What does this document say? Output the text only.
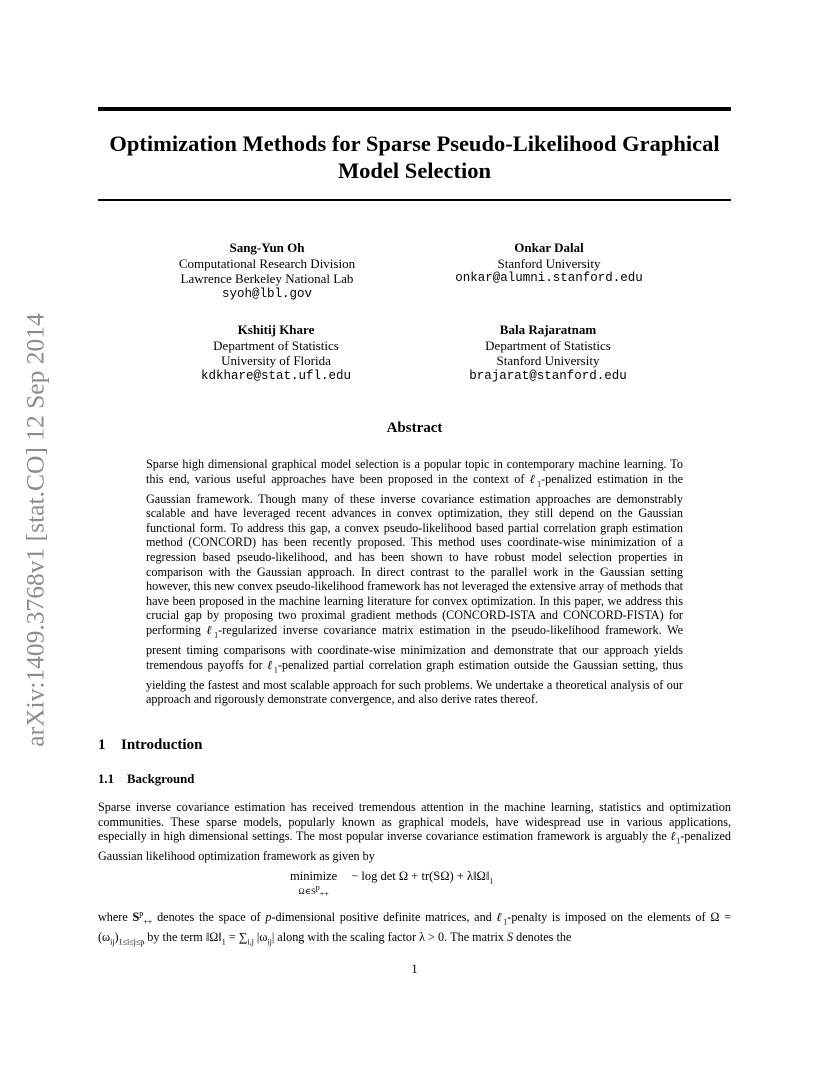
arXiv:1409.3768v1 [stat.CO] 12 Sep 2014
Optimization Methods for Sparse Pseudo-Likelihood Graphical Model Selection
Sang-Yun Oh
Computational Research Division
Lawrence Berkeley National Lab
syoh@lbl.gov
Onkar Dalal
Stanford University
onkar@alumni.stanford.edu
Kshitij Khare
Department of Statistics
University of Florida
kdkhare@stat.ufl.edu
Bala Rajaratnam
Department of Statistics
Stanford University
brajarat@stanford.edu
Abstract
Sparse high dimensional graphical model selection is a popular topic in contemporary machine learning. To this end, various useful approaches have been proposed in the context of ℓ$_1$-penalized estimation in the Gaussian framework. Though many of these inverse covariance estimation approaches are demonstrably scalable and have leveraged recent advances in convex optimization, they still depend on the Gaussian functional form. To address this gap, a convex pseudo-likelihood based partial correlation graph estimation method (CONCORD) has been recently proposed. This method uses coordinate-wise minimization of a regression based pseudo-likelihood, and has been shown to have robust model selection properties in comparison with the Gaussian approach. In direct contrast to the parallel work in the Gaussian setting however, this new convex pseudo-likelihood framework has not leveraged the extensive array of methods that have been proposed in the machine learning literature for convex optimization. In this paper, we address this crucial gap by proposing two proximal gradient methods (CONCORD-ISTA and CONCORD-FISTA) for performing ℓ$_1$-regularized inverse covariance matrix estimation in the pseudo-likelihood framework. We present timing comparisons with coordinate-wise minimization and demonstrate that our approach yields tremendous payoffs for ℓ$_1$-penalized partial correlation graph estimation outside the Gaussian setting, thus yielding the fastest and most scalable approach for such problems. We undertake a theoretical analysis of our approach and rigorously demonstrate convergence, and also derive rates thereof.
1 Introduction
1.1 Background
Sparse inverse covariance estimation has received tremendous attention in the machine learning, statistics and optimization communities. These sparse models, popularly known as graphical models, have widespread use in various applications, especially in high dimensional settings. The most popular inverse covariance estimation framework is arguably the ℓ$_1$-penalized Gaussian likelihood optimization framework as given by
minimize
$\Omega\in S^p_{++}$
− $\log \det \Omega + tr(S\Omega) + \lambda‖\Omega‖_1$
where $S^p_{++}$ denotes the space of p-dimensional positive definite matrices, and ℓ$_1$-penalty is imposed on the elements of $\Omega = (\omega_{ij})_{1\le i\le j\le p}$ by the term $‖\Omega‖_1 = \sum_{i,j}$ $|\omega_{ij}|$ along with the scaling factor λ > 0. The matrix S denotes the
1
